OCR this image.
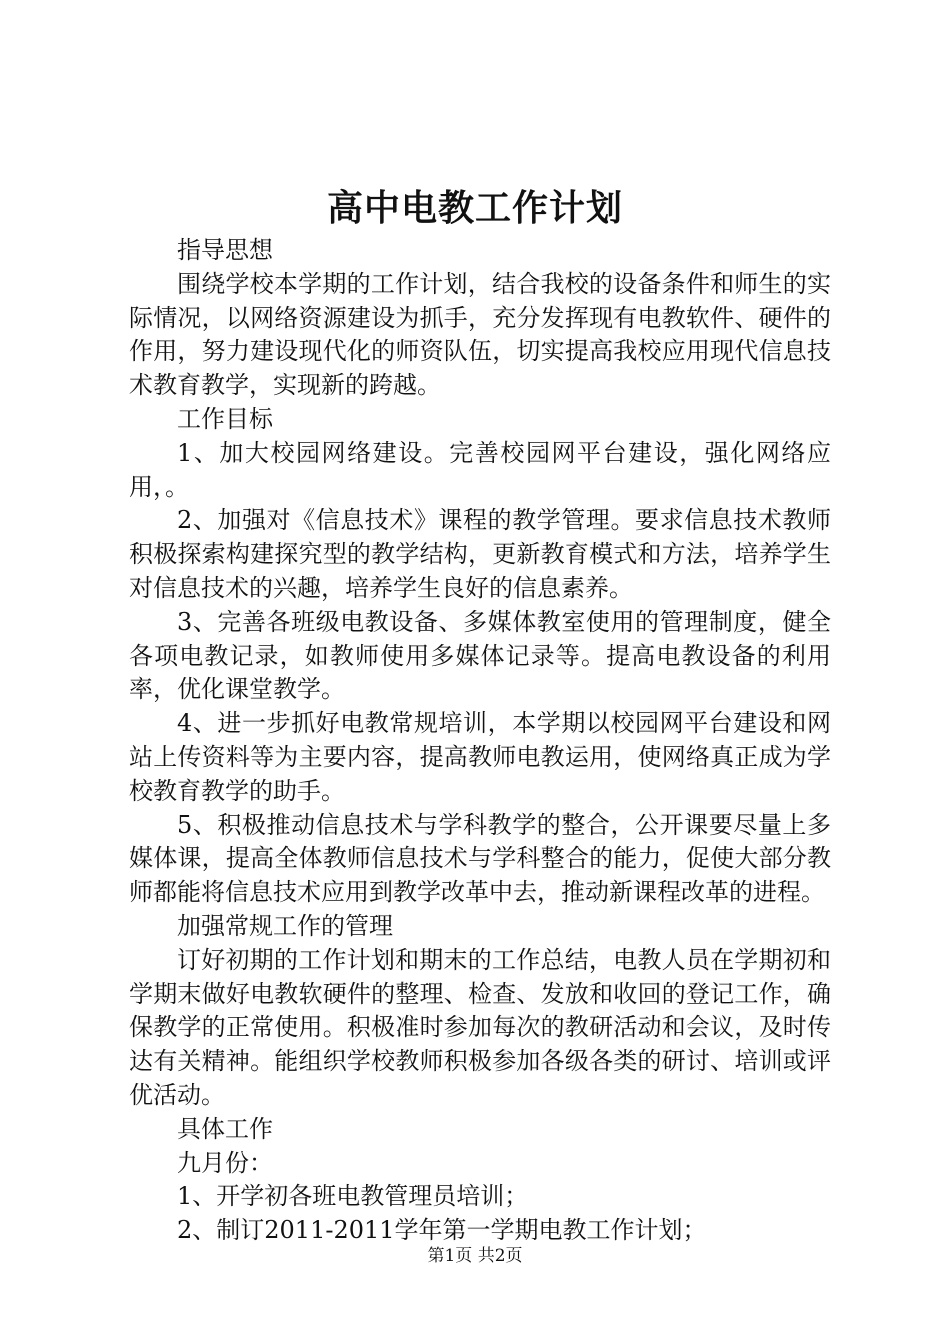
高中电教工作计划

指导思想

围绕学校本学期的工作计划，结合我校的设备条件和师生的实际情况，以网络资源建设为抓手，充分发挥现有电教软件、硬件的作用，努力建设现代化的师资队伍，切实提高我校应用现代信息技术教育教学，实现新的跨越。

工作目标

1、加大校园网络建设。完善校园网平台建设，强化网络应用，。

2、加强对《信息技术》课程的教学管理。要求信息技术教师积极探索构建探究型的教学结构，更新教育模式和方法，培养学生对信息技术的兴趣，培养学生良好的信息素养。

3、完善各班级电教设备、多媒体教室使用的管理制度，健全各项电教记录，如教师使用多媒体记录等。提高电教设备的利用率，优化课堂教学。

4、进一步抓好电教常规培训，本学期以校园网平台建设和网站上传资料等为主要内容，提高教师电教运用，使网络真正成为学校教育教学的助手。

5、积极推动信息技术与学科教学的整合，公开课要尽量上多媒体课，提高全体教师信息技术与学科整合的能力，促使大部分教师都能将信息技术应用到教学改革中去，推动新课程改革的进程。

加强常规工作的管理

订好初期的工作计划和期末的工作总结，电教人员在学期初和学期末做好电教软硬件的整理、检查、发放和收回的登记工作，确保教学的正常使用。积极准时参加每次的教研活动和会议，及时传达有关精神。能组织学校教师积极参加各级各类的研讨、培训或评优活动。

具体工作

九月份：

1、开学初各班电教管理员培训；

2、制订2011-2011学年第一学期电教工作计划；

第1页 共2页
